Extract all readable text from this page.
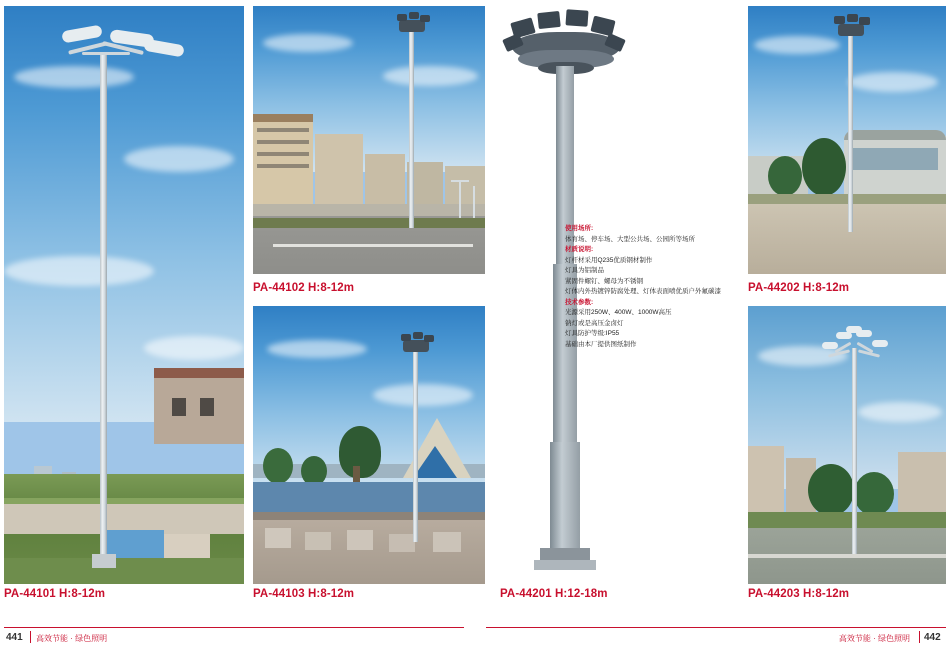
PA-44101 H:8-12m
PA-44102 H:8-12m
PA-44103 H:8-12m	PA-44201 H:12-18m
使用场所:
体育场、停车场、大型公共场、公园所等场所
材质说明:
灯杆材采用Q235优质钢材制作
灯具为铝制品
紧固件螺钉、螺母为不锈钢
灯体内外热镀锌防腐处理、灯体表面喷优质户外氟碳漆
技术参数:
光源采用250W、400W、1000W高压
钠灯或是高压金卤灯
灯具防护等级:IP55
基础由本厂提供图纸制作
PA-44202 H:8-12m
PA-44203 H:8-12m
441 高效节能 · 绿色照明	高效节能 · 绿色照明 442
